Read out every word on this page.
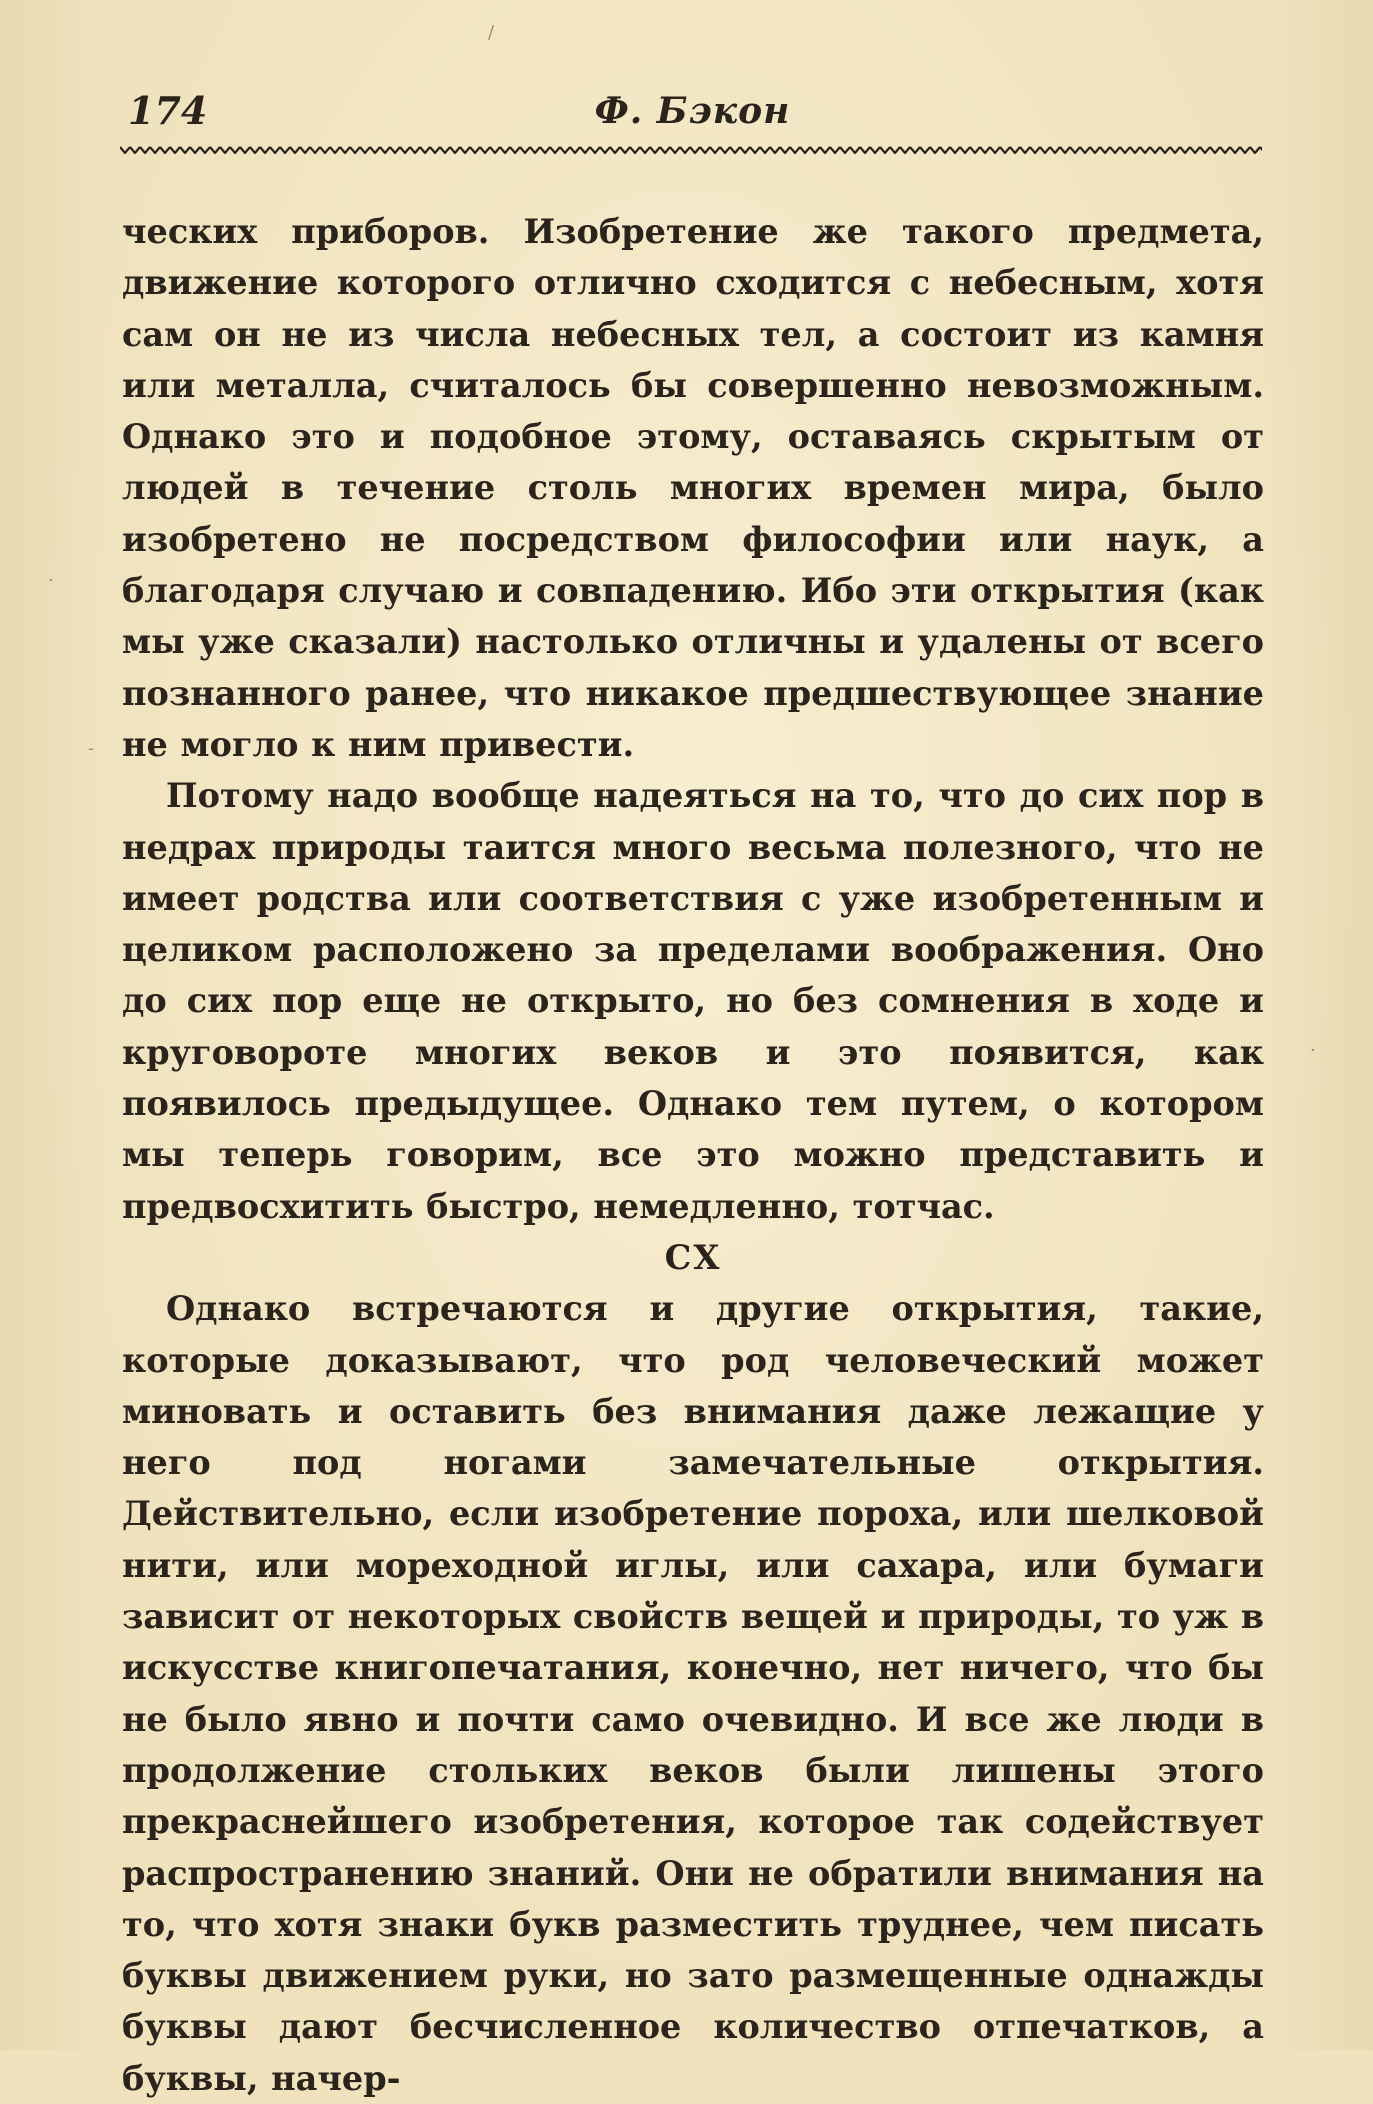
174	Ф. Бэкон

ческих приборов. Изобретение же такого предмета, движение которого отлично сходится с небесным, хотя сам он не из числа небесных тел, а состоит из камня или металла, считалось бы совершенно невозможным. Однако это и подобное этому, оставаясь скрытым от людей в течение столь многих времен мира, было изобретено не посредством философии или наук, а благодаря случаю и совпадению. Ибо эти открытия (как мы уже сказали) настолько отличны и удалены от всего познанного ранее, что никакое предшествующее знание не могло к ним привести.

Потому надо вообще надеяться на то, что до сих пор в недрах природы таится много весьма полезного, что не имеет родства или соответствия с уже изобретенным и целиком расположено за пределами воображения. Оно до сих пор еще не открыто, но без сомнения в ходе и круговороте многих веков и это появится, как появилось предыдущее. Однако тем путем, о котором мы теперь говорим, все это можно представить и предвосхитить быстро, немедленно, тотчас.

CX

Однако встречаются и другие открытия, такие, которые доказывают, что род человеческий может миновать и оставить без внимания даже лежащие у него под ногами замечательные открытия. Действительно, если изобретение пороха, или шелковой нити, или мореходной иглы, или сахара, или бумаги зависит от некоторых свойств вещей и природы, то уж в искусстве книгопечатания, конечно, нет ничего, что бы не было явно и почти само очевидно. И все же люди в продолжение стольких веков были лишены этого прекраснейшего изобретения, которое так содействует распространению знаний. Они не обратили внимания на то, что хотя знаки букв разместить труднее, чем писать буквы движением руки, но зато размещенные однажды буквы дают бесчисленное количество отпечатков, а буквы, начер-

/
·
-
·
